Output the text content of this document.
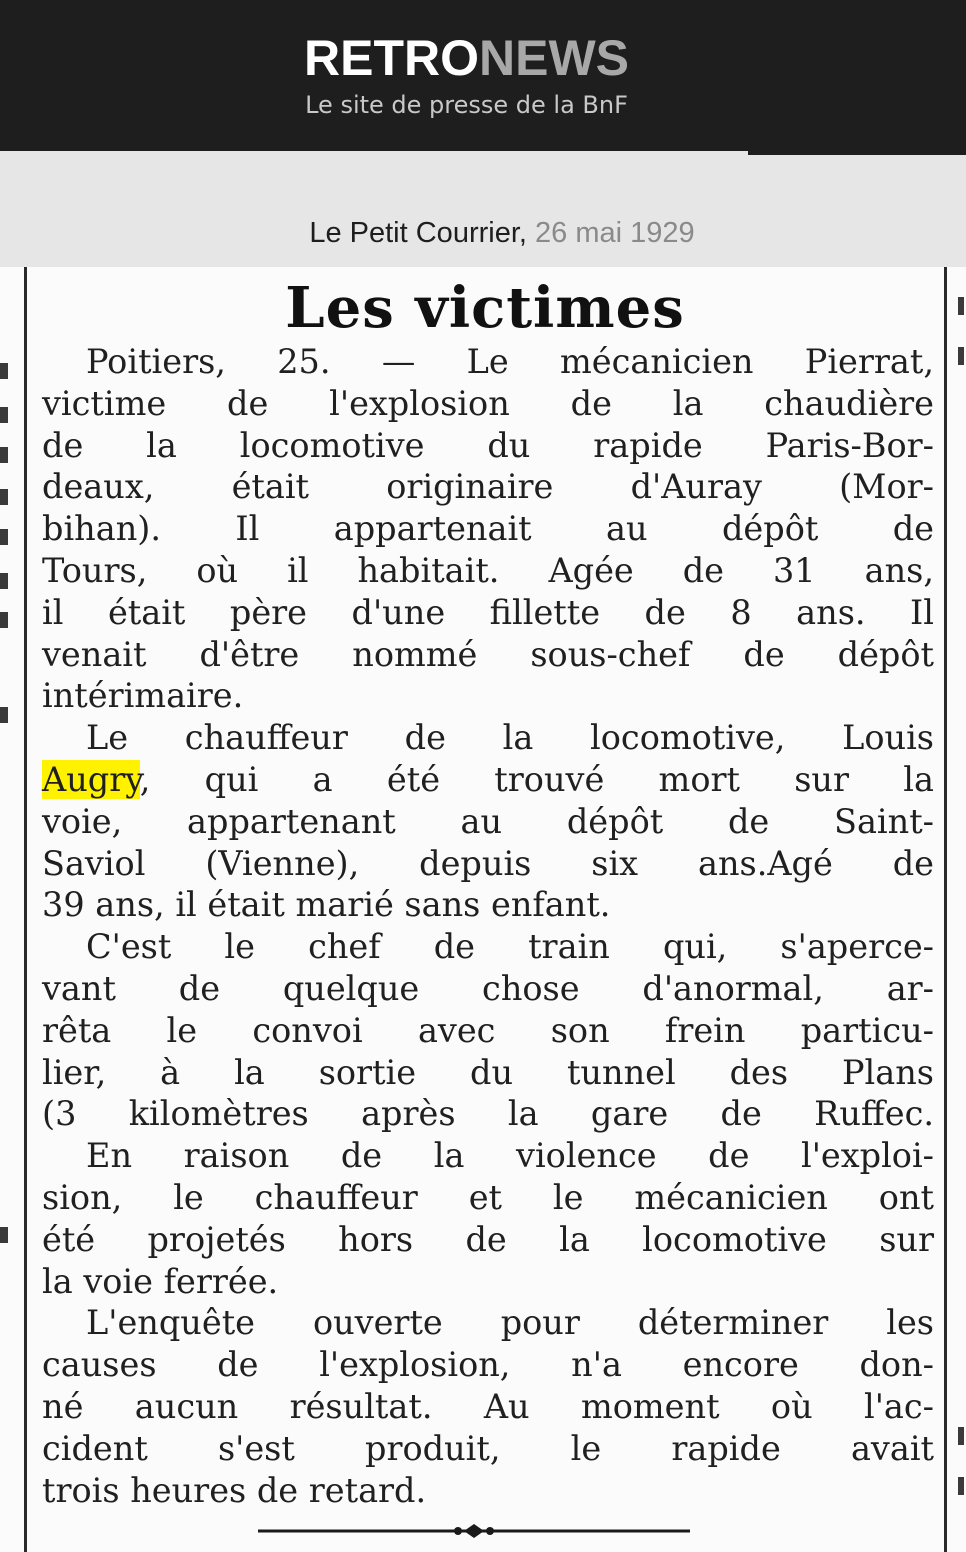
RETRONEWS
Le site de presse de la BnF
Le Petit Courrier, 26 mai 1929
Les victimes
Poitiers, 25. — Le mécanicien Pierrat,
victime de l'explosion de la chaudière
de la locomotive du rapide Paris-Bor-
deaux, était originaire d'Auray (Mor-
bihan). Il appartenait au dépôt de
Tours, où il habitait. Agée de 31 ans,
il était père d'une fillette de 8 ans. Il
venait d'être nommé sous-chef de dépôt
intérimaire.
Le chauffeur de la locomotive, Louis
Augry, qui a été trouvé mort sur la
voie, appartenant au dépôt de Saint-
Saviol (Vienne), depuis six ans.Agé de
39 ans, il était marié sans enfant.
C'est le chef de train qui, s'aperce-
vant de quelque chose d'anormal, ar-
rêta le convoi avec son frein particu-
lier, à la sortie du tunnel des Plans
(3 kilomètres après la gare de Ruffec.
En raison de la violence de l'exploi-
sion, le chauffeur et le mécanicien ont
été projetés hors de la locomotive sur
la voie ferrée.
L'enquête ouverte pour déterminer les
causes de l'explosion, n'a encore don-
né aucun résultat. Au moment où l'ac-
cident s'est produit, le rapide avait
trois heures de retard.
